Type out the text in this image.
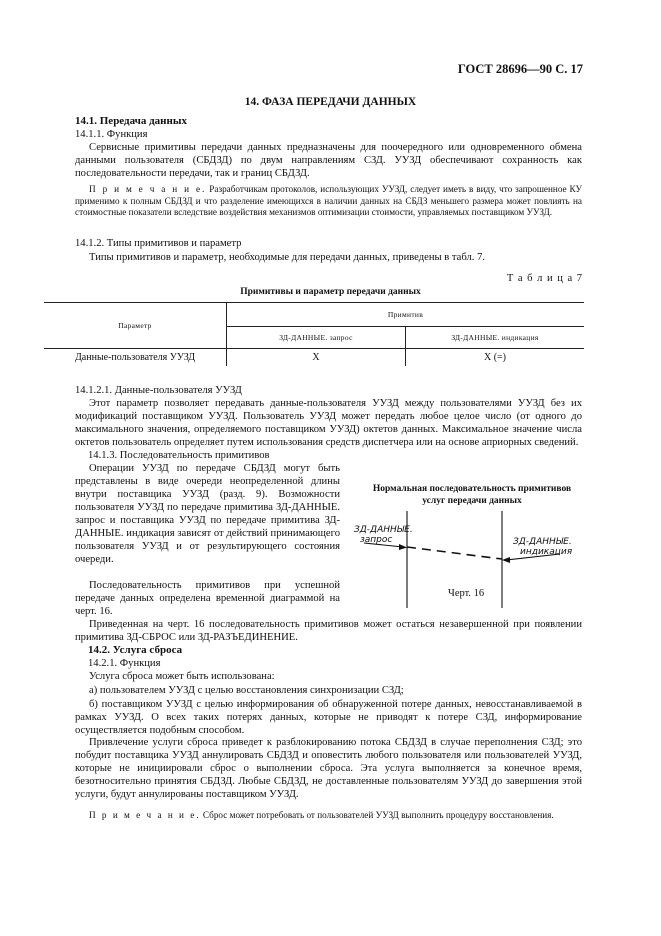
ГОСТ 28696—90 С. 17
14. ФАЗА ПЕРЕДАЧИ ДАННЫХ
14.1. Передача данных
14.1.1. Функция
Сервисные примитивы передачи данных предназначены для поочередного или одновременного обмена данными пользователя (СБДЗД) по двум направлениям СЗД. УУЗД обеспечивают сохранность как последовательности передачи, так и границ СБДЗД.
П р и м е ч а н и е. Разработчикам протоколов, использующих УУЗД, следует иметь в виду, что запрошенное КУ применимо к полным СБДЗД и что разделение имеющихся в наличии данных на СБДЗ меньшего размера может повлиять на стоимостные показатели вследствие воздействия механизмов оптимизации стоимости, управляемых поставщиком УУЗД.
14.1.2. Типы примитивов и параметр
Типы примитивов и параметр, необходимые для передачи данных, приведены в табл. 7.
Т а б л и ц а 7
Примитивы и параметр передачи данных
Параметр	Примитив	
	ЗД-ДАННЫЕ. запрос	ЗД-ДАННЫЕ. индикация
Данные-пользователя УУЗД	X	X (=)
14.1.2.1. Данные-пользователя УУЗД
Этот параметр позволяет передавать данные-пользователя УУЗД между пользователями УУЗД без их модификаций поставщиком УУЗД. Пользователь УУЗД может передать любое целое число (от одного до максимального значения, определяемого поставщиком УУЗД) октетов данных. Максимальное значение числа октетов пользователь определяет путем использования средств диспетчера или на основе априорных сведений.
14.1.3. Последовательность примитивов
Операции УУЗД по передаче СБДЗД могут быть представлены в виде очереди неопределенной длины внутри поставщика УУЗД (разд. 9). Возможности пользователя УУЗД по передаче примитива ЗД-ДАННЫЕ. запрос и поставщика УУЗД по передаче примитива ЗД-ДАННЫЕ. индикация зависят от действий принимающего пользователя УУЗД и от результирующего состояния очереди.
Последовательность примитивов при успешной передаче данных определена временной диаграммой на черт. 16.
Нормальная последовательность примитивов
услуг передачи данных
ЗД-ДАННЫЕ.
запрос	ЗД-ДАННЫЕ.
индикация
Черт. 16
Приведенная на черт. 16 последовательность примитивов может остаться незавершенной при появлении примитива ЗД-СБРОС или ЗД-РАЗЪЕДИНЕНИЕ.
14.2. Услуга сброса
14.2.1. Функция
Услуга сброса может быть использована:
а) пользователем УУЗД с целью восстановления синхронизации СЗД;
б) поставщиком УУЗД с целью информирования об обнаруженной потере данных, невосстанавливаемой в рамках УУЗД. О всех таких потерях данных, которые не приводят к потере СЗД, информирование осуществляется подобным способом.
Привлечение услуги сброса приведет к разблокированию потока СБДЗД в случае переполнения СЗД; это побудит поставщика УУЗД аннулировать СБДЗД и оповестить любого пользователя или пользователей УУЗД, которые не инициировали сброс о выполнении сброса. Эта услуга выполняется за конечное время, безотносительно принятия СБДЗД. Любые СБДЗД, не доставленные пользователям УУЗД до завершения этой услуги, будут аннулированы поставщиком УУЗД.
П р и м е ч а н и е. Сброс может потребовать от пользователей УУЗД выполнить процедуру восстановления.
